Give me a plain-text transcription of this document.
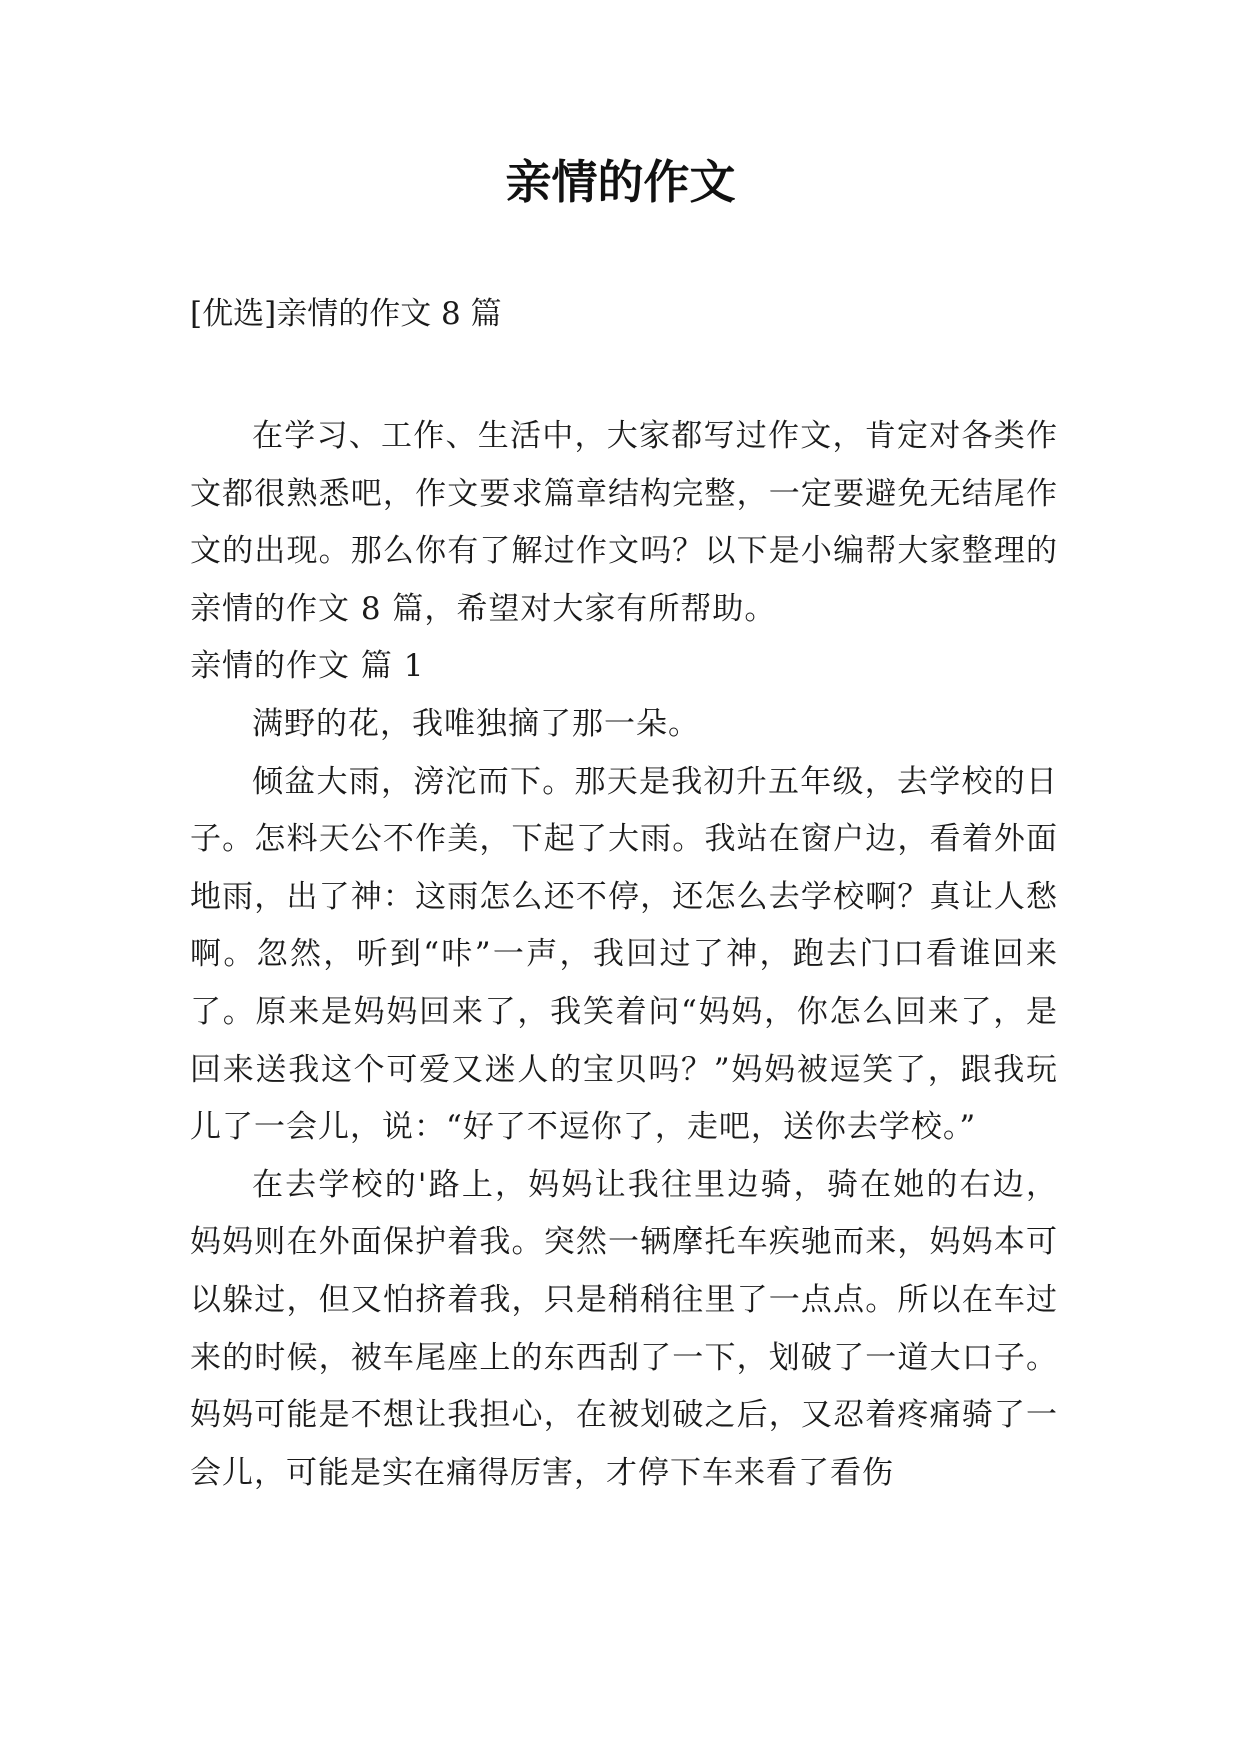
亲情的作文

[优选]亲情的作文 8 篇

在学习、工作、生活中，大家都写过作文，肯定对各类作文都很熟悉吧，作文要求篇章结构完整，一定要避免无结尾作文的出现。那么你有了解过作文吗？以下是小编帮大家整理的亲情的作文 8 篇，希望对大家有所帮助。

亲情的作文 篇 1

满野的花，我唯独摘了那一朵。

倾盆大雨，滂沱而下。那天是我初升五年级，去学校的日子。怎料天公不作美，下起了大雨。我站在窗户边，看着外面地雨，出了神：这雨怎么还不停，还怎么去学校啊？真让人愁啊。忽然，听到“咔”一声，我回过了神，跑去门口看谁回来了。原来是妈妈回来了，我笑着问“妈妈，你怎么回来了，是回来送我这个可爱又迷人的宝贝吗？”妈妈被逗笑了，跟我玩儿了一会儿，说：“好了不逗你了，走吧，送你去学校。”

在去学校的'路上，妈妈让我往里边骑，骑在她的右边，妈妈则在外面保护着我。突然一辆摩托车疾驰而来，妈妈本可以躲过，但又怕挤着我，只是稍稍往里了一点点。所以在车过来的时候，被车尾座上的东西刮了一下，划破了一道大口子。妈妈可能是不想让我担心，在被划破之后，又忍着疼痛骑了一会儿，可能是实在痛得厉害，才停下车来看了看伤
